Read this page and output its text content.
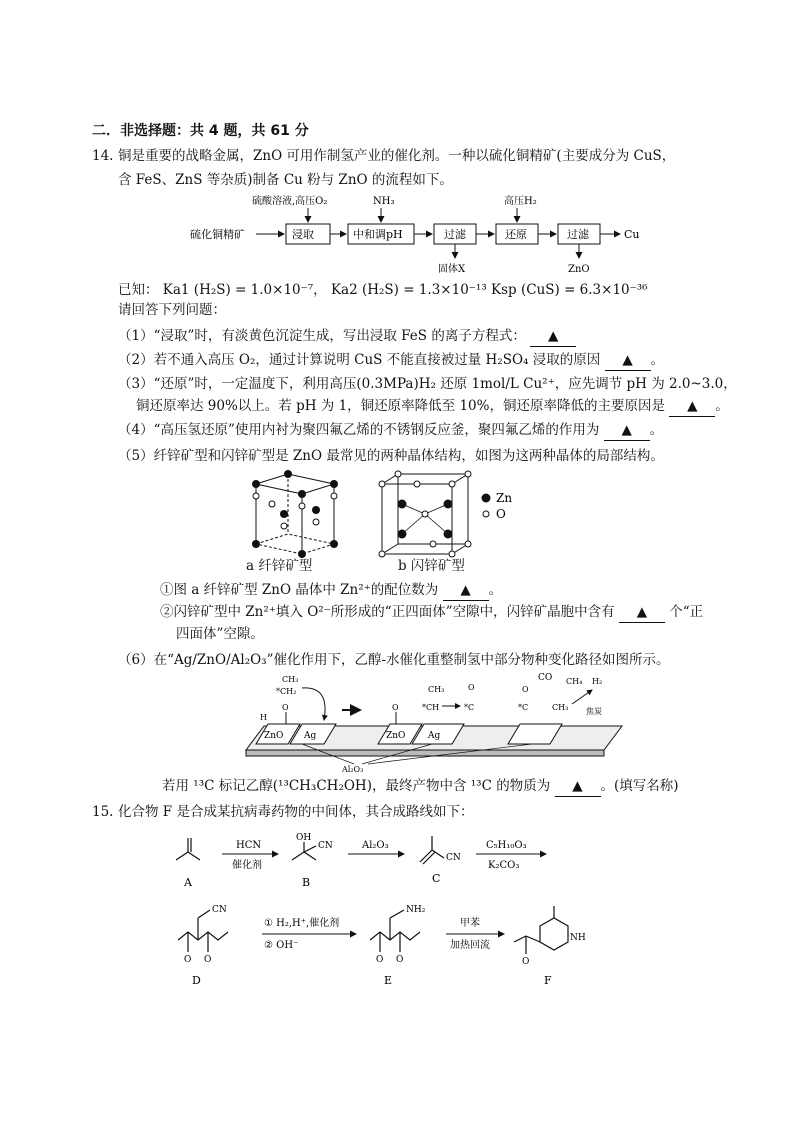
二．非选择题：共 4 题，共 61 分
14. 铜是重要的战略金属，ZnO 可用作制氢产业的催化剂。一种以硫化铜精矿(主要成分为 CuS，
含 FeS、ZnS 等杂质)制备 Cu 粉与 ZnO 的流程如下。
硫化铜精矿	浸取	中和调pH	过滤	还原	过滤	Cu
硫酸溶液,高压O₂	NH₃	高压H₂
固体X	ZnO
已知： Ka1 (H₂S) = 1.0×10⁻⁷， Ka2 (H₂S) = 1.3×10⁻¹³ Ksp (CuS) = 6.3×10⁻³⁶
请回答下列问题：
（1）“浸取”时，有淡黄色沉淀生成，写出浸取 FeS 的离子方程式： ▲
（2）若不通入高压 O₂，通过计算说明 CuS 不能直接被过量 H₂SO₄ 浸取的原因 ▲ 。
（3）“还原”时，一定温度下，利用高压(0.3MPa)H₂ 还原 1mol/L Cu²⁺，应先调节 pH 为 2.0~3.0，
铜还原率达 90%以上。若 pH 为 1，铜还原率降低至 10%，铜还原率降低的主要原因是 ▲ 。
（4）“高压氢还原”使用内衬为聚四氟乙烯的不锈钢反应釜，聚四氟乙烯的作用为 ▲ 。
（5）纤锌矿型和闪锌矿型是 ZnO 最常见的两种晶体结构，如图为这两种晶体的局部结构。
Zn
O
a 纤锌矿型	b 闪锌矿型
①图 a 纤锌矿型 ZnO 晶体中 Zn²⁺的配位数为 ▲ 。
②闪锌矿型中 Zn²⁺填入 O²⁻所形成的“正四面体”空隙中，闪锌矿晶胞中含有 ▲ 个“正
四面体”空隙。
（6）在“Ag/ZnO/Al₂O₃”催化作用下，乙醇-水催化重整制氢中部分物种变化路径如图所示。
ZnO Ag	ZnO	Ag
CH₃
*CH₂
O
H
O
CH₃
*CH	*C
O	O
*C
CO
CH₃
CH₄ H₂
焦炭
Al₂O₃
若用 ¹³C 标记乙醇(¹³CH₃CH₂OH)，最终产物中含 ¹³C 的物质为 ▲ 。(填写名称)
15. 化合物 F 是合成某抗病毒药物的中间体，其合成路线如下：
A
HCN
催化剂
OH
CN
B
Al₂O₃
CN
C
C₅H₁₀O₃
K₂CO₃
CN
O O
D
① H₂,H⁺,催化剂
② OH⁻
NH₂
O O
E
甲苯
加热回流
NH
O
F
